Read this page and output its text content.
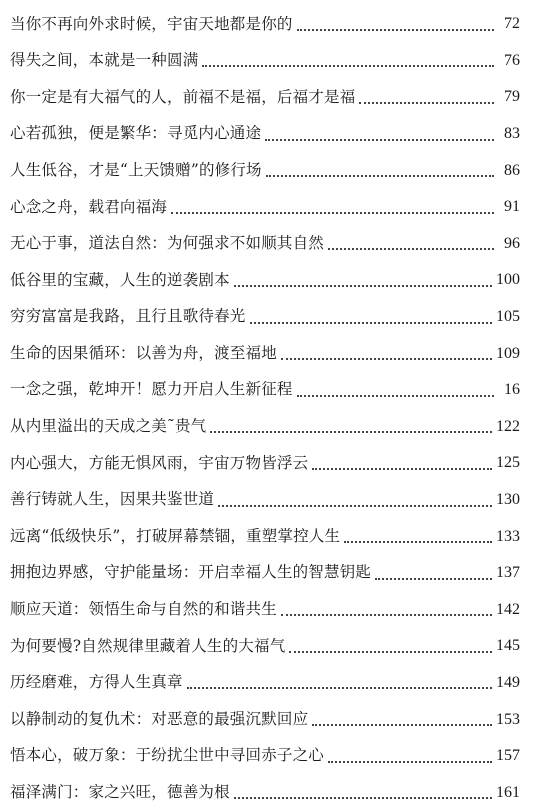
当你不再向外求时候，宇宙天地都是你的	72
得失之间，本就是一种圆满	76
你一定是有大福气的人，前福不是福，后福才是福	79
心若孤独，便是繁华：寻觅内心通途	83
人生低谷，才是“上天馈赠”的修行场	86
心念之舟，载君向福海	91
无心于事，道法自然：为何强求不如顺其自然	96
低谷里的宝藏，人生的逆袭剧本	100
穷穷富富是我路，且行且歌待春光	105
生命的因果循环：以善为舟，渡至福地	109
一念之强，乾坤开！愿力开启人生新征程	16
从内里溢出的天成之美˜贵气	122
内心强大，方能无惧风雨，宇宙万物皆浮云	125
善行铸就人生，因果共鉴世道	130
远离“低级快乐”，打破屏幕禁锢，重塑掌控人生	133
拥抱边界感，守护能量场：开启幸福人生的智慧钥匙	137
顺应天道：领悟生命与自然的和谐共生	142
为何要慢?自然规律里藏着人生的大福气	145
历经磨难，方得人生真章	149
以静制动的复仇术：对恶意的最强沉默回应	153
悟本心，破万象：于纷扰尘世中寻回赤子之心	157
福泽满门：家之兴旺，德善为根	161
